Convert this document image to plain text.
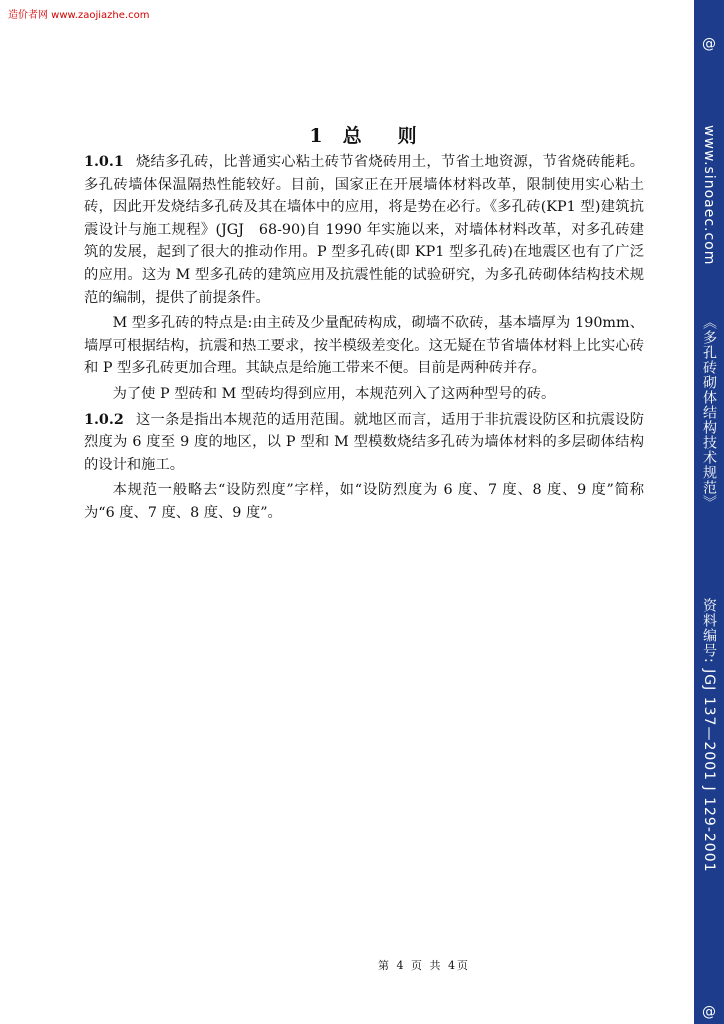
造价者网 www.zaojiazhe.com
1 总 则

1.0.1 烧结多孔砖，比普通实心粘土砖节省烧砖用土，节省土地资源，节省烧砖能耗。多孔砖墙体保温隔热性能较好。目前，国家正在开展墙体材料改革，限制使用实心粘土砖，因此开发烧结多孔砖及其在墙体中的应用，将是势在必行。《多孔砖(KP1 型)建筑抗震设计与施工规程》(JGJ　68-90)自 1990 年实施以来，对墙体材料改革，对多孔砖建筑的发展，起到了很大的推动作用。P 型多孔砖(即 KP1 型多孔砖)在地震区也有了广泛的应用。这为 M 型多孔砖的建筑应用及抗震性能的试验研究，为多孔砖砌体结构技术规范的编制，提供了前提条件。

M 型多孔砖的特点是:由主砖及少量配砖构成，砌墙不砍砖，基本墙厚为 190mm、墙厚可根据结构，抗震和热工要求，按半模级差变化。这无疑在节省墙体材料上比实心砖和 P 型多孔砖更加合理。其缺点是给施工带来不便。目前是两种砖并存。

为了使 P 型砖和 M 型砖均得到应用，本规范列入了这两种型号的砖。

1.0.2 这一条是指出本规范的适用范围。就地区而言，适用于非抗震设防区和抗震设防烈度为 6 度至 9 度的地区，以 P 型和 M 型模数烧结多孔砖为墙体材料的多层砌体结构的设计和施工。

本规范一般略去“设防烈度”字样，如“设防烈度为 6 度、7 度、8 度、9 度”简称为“6 度、7 度、8 度、9 度”。

第 4 页 共 4页
@
www.sinoaec.com
《多孔砖砌体结构技术规范》
资料编号: JGJ 137—2001 J 129-2001
@
